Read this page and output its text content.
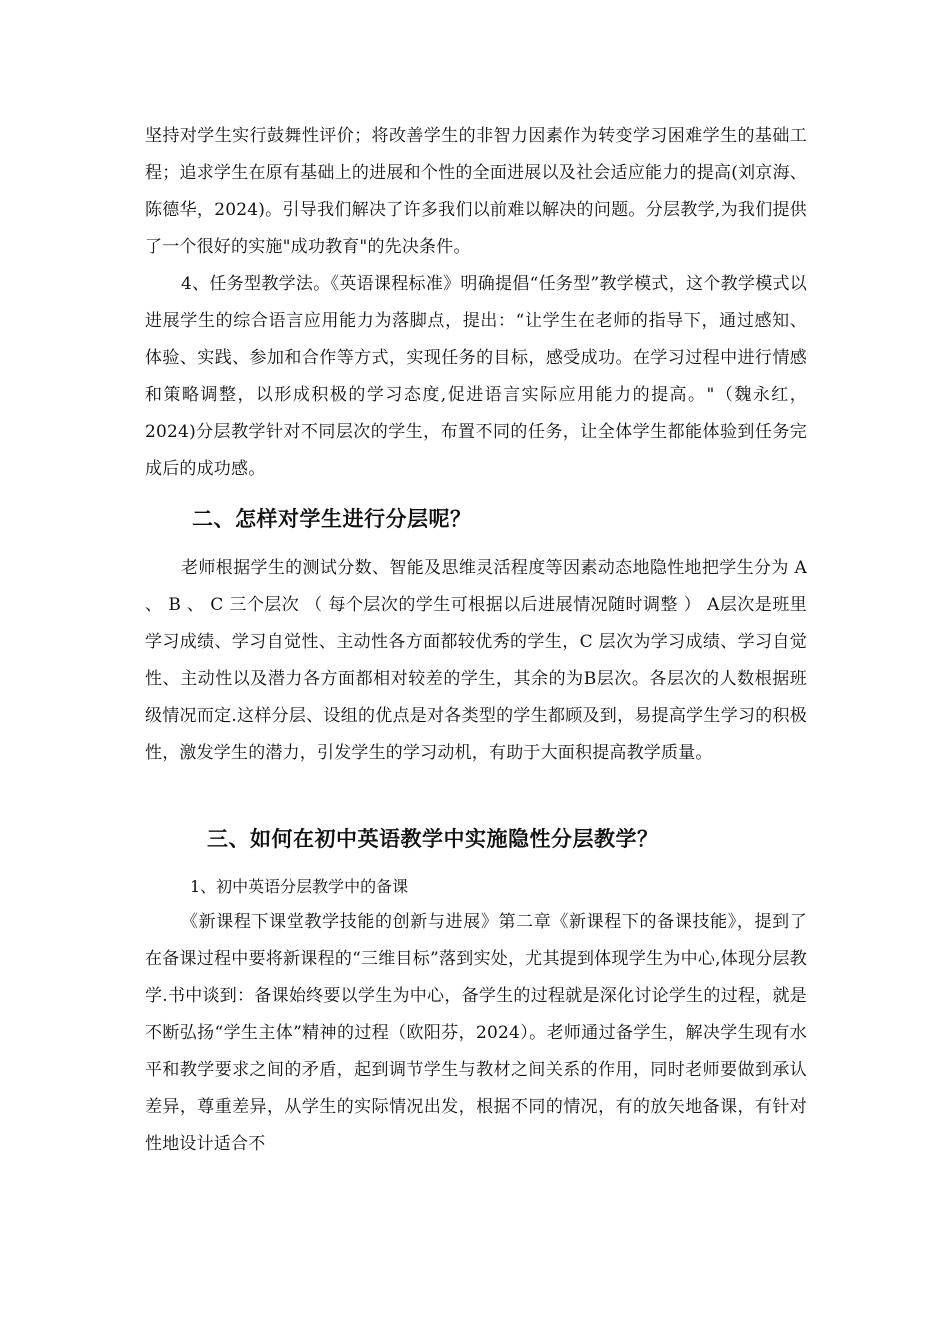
坚持对学生实行鼓舞性评价；将改善学生的非智力因素作为转变学习困难学生的基础工程；追求学生在原有基础上的进展和个性的全面进展以及社会适应能力的提高(刘京海、陈德华，2024)。引导我们解决了许多我们以前难以解决的问题。分层教学,为我们提供了一个很好的实施"成功教育"的先决条件。

4、任务型教学法。《英语课程标准》明确提倡“任务型”教学模式，这个教学模式以进展学生的综合语言应用能力为落脚点，提出：“让学生在老师的指导下，通过感知、体验、实践、参加和合作等方式，实现任务的目标，感受成功。在学习过程中进行情感和策略调整，以形成积极的学习态度,促进语言实际应用能力的提高。"（魏永红，2024)分层教学针对不同层次的学生，布置不同的任务，让全体学生都能体验到任务完成后的成功感。

二、怎样对学生进行分层呢？

老师根据学生的测试分数、智能及思维灵活程度等因素动态地隐性地把学生分为 A 、 B 、 C 三个层次 （ 每个层次的学生可根据以后进展情况随时调整 ） A层次是班里学习成绩、学习自觉性、主动性各方面都较优秀的学生，C 层次为学习成绩、学习自觉性、主动性以及潜力各方面都相对较差的学生，其余的为B层次。各层次的人数根据班级情况而定.这样分层、设组的优点是对各类型的学生都顾及到，易提高学生学习的积极性，激发学生的潜力，引发学生的学习动机，有助于大面积提高教学质量。

三、如何在初中英语教学中实施隐性分层教学？

1、初中英语分层教学中的备课

《新课程下课堂教学技能的创新与进展》第二章《新课程下的备课技能》，提到了在备课过程中要将新课程的“三维目标”落到实处，尤其提到体现学生为中心,体现分层教学.书中谈到：备课始终要以学生为中心，备学生的过程就是深化讨论学生的过程，就是不断弘扬“学生主体”精神的过程（欧阳芬，2024）。老师通过备学生，解决学生现有水平和教学要求之间的矛盾，起到调节学生与教材之间关系的作用，同时老师要做到承认差异，尊重差异，从学生的实际情况出发，根据不同的情况，有的放矢地备课，有针对性地设计适合不
